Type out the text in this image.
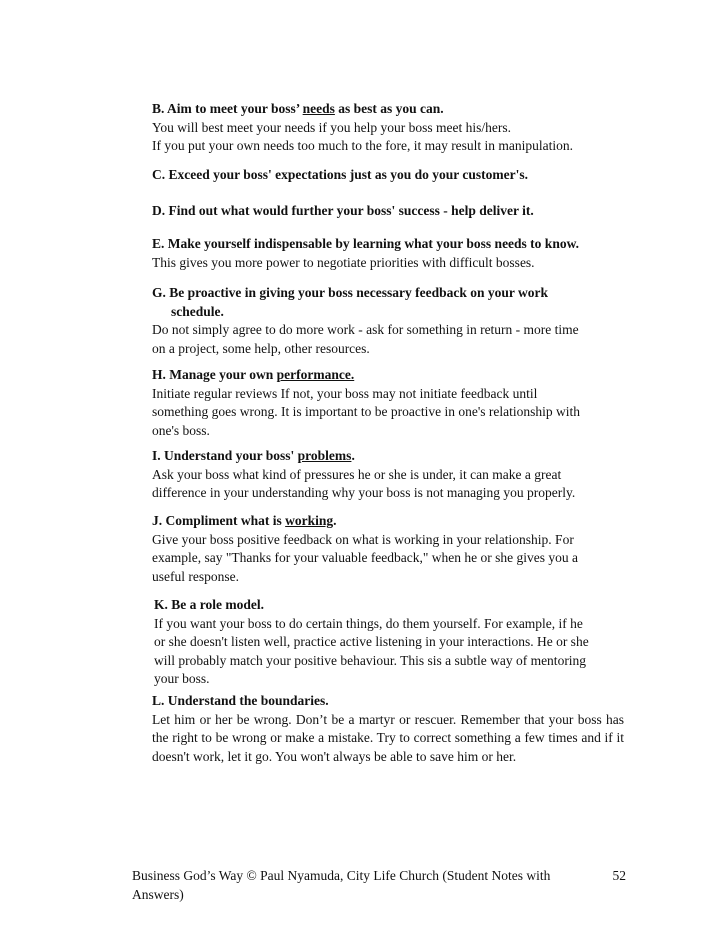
B. Aim to meet your boss’ needs as best as you can.
You will best meet your needs if you help your boss meet his/hers.
If you put your own needs too much to the fore, it may result in manipulation.
C. Exceed your boss' expectations just as you do your customer's.
D. Find out what would further your boss' success - help deliver it.
E. Make yourself indispensable by learning what your boss needs to know.
This gives you more power to negotiate priorities with difficult bosses.
G. Be proactive in giving your boss necessary feedback on your work schedule.
Do not simply agree to do more work - ask for something in return - more time
on a project, some help, other resources.
H. Manage your own performance.
Initiate regular reviews If not, your boss may not initiate feedback until
something goes wrong. It is important to be proactive in one's relationship with
one's boss.
I. Understand your boss' problems.
Ask your boss what kind of pressures he or she is under, it can make a great
difference in your understanding why your boss is not managing you properly.
J. Compliment what is working.
Give your boss positive feedback on what is working in your relationship. For
example, say "Thanks for your valuable feedback," when he or she gives you a
useful response.
K. Be a role model.
If you want your boss to do certain things, do them yourself. For example, if he
or she doesn't listen well, practice active listening in your interactions. He or she
will probably match your positive behaviour. This sis a subtle way of mentoring
your boss.
L. Understand the boundaries.
Let him or her be wrong. Don’t be a martyr or rescuer. Remember that your boss has the right to be wrong or make a mistake. Try to correct something a few times and if it doesn't work, let it go. You won't always be able to save him or her.
Business God’s Way © Paul Nyamuda, City Life Church (Student Notes with Answers)
52
